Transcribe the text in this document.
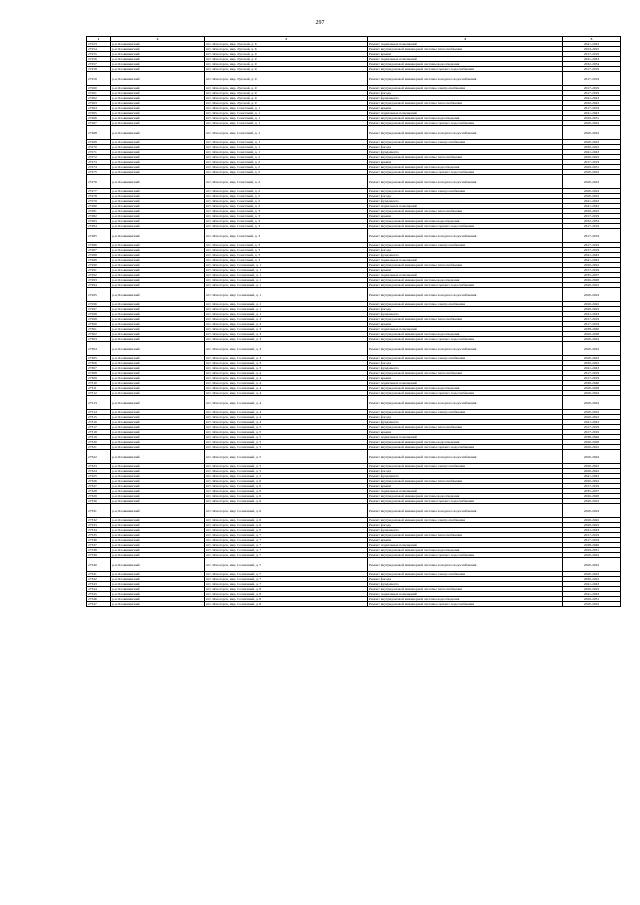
297
1	2	3	4	5
27253	р-н Оловянинский	пгт. Ясногорск, мкр. Луговой, д. 6	Ремонт подвальных помещений	2041-2043
27254	р-н Оловянинский	пгт. Ясногорск, мкр. Луговой, д. 6	Ремонт внутридомовой инженерной системы теплоснабжения	2023-2025
27255	р-н Оловянинский	пгт. Ясногорск, мкр. Луговой, д. 9	Ремонт крыши	2017-2019
27256	р-н Оловянинский	пгт. Ясногорск, мкр. Луговой, д. 9	Ремонт подвальных помещений	2041-2043
27257	р-н Оловянинский	пгт. Ясногорск, мкр. Луговой, д. 9	Ремонт внутридомовой инженерной системы водоотведения	2032-2034
27258	р-н Оловянинский	пгт. Ясногорск, мкр. Луговой, д. 9	Ремонт внутридомовой инженерной системы горячего водоснабжения	2017-2019
27259	р-н Оловянинский	пгт. Ясногорск, мкр. Луговой, д. 9	Ремонт внутридомовой инженерной системы холодного водоснабжения	2017-2019
27260	р-н Оловянинский	пгт. Ясногорск, мкр. Луговой, д. 9	Ремонт внутридомовой инженерной системы электроснабжения	2017-2019
27261	р-н Оловянинский	пгт. Ясногорск, мкр. Луговой, д. 9	Ремонт фасада	2017-2019
27262	р-н Оловянинский	пгт. Ясногорск, мкр. Луговой, д. 9	Ремонт фундамента	2041-2043
27263	р-н Оловянинский	пгт. Ясногорск, мкр. Луговой, д. 9	Ремонт внутридомовой инженерной системы теплоснабжения	2020-2022
27264	р-н Оловянинский	пгт. Ясногорск, мкр. Советский, д. 1	Ремонт крыши	2017-2019
27265	р-н Оловянинский	пгт. Ясногорск, мкр. Советский, д. 1	Ремонт подвальных помещений	2041-2043
27266	р-н Оловянинский	пгт. Ясногорск, мкр. Советский, д. 1	Ремонт внутридомовой инженерной системы водоотведения	2029-2031
27267	р-н Оловянинский	пгт. Ясногорск, мкр. Советский, д. 1	Ремонт внутридомовой инженерной системы горячего водоснабжения	2020-2022
27268	р-н Оловянинский	пгт. Ясногорск, мкр. Советский, д. 1	Ремонт внутридомовой инженерной системы холодного водоснабжения	2020-2022
27269	р-н Оловянинский	пгт. Ясногорск, мкр. Советский, д. 1	Ремонт внутридомовой инженерной системы электроснабжения	2020-2022
27270	р-н Оловянинский	пгт. Ясногорск, мкр. Советский, д. 1	Ремонт фасада	2020-2022
27271	р-н Оловянинский	пгт. Ясногорск, мкр. Советский, д. 1	Ремонт фундамента	2041-2043
27272	р-н Оловянинский	пгт. Ясногорск, мкр. Советский, д. 2	Ремонт внутридомовой инженерной системы теплоснабжения	2020-2022
27273	р-н Оловянинский	пгт. Ясногорск, мкр. Советский, д. 2	Ремонт крыши	2017-2019
27274	р-н Оловянинский	пгт. Ясногорск, мкр. Советский, д. 2	Ремонт внутридомовой инженерной системы водоотведения	2029-2031
27275	р-н Оловянинский	пгт. Ясногорск, мкр. Советский, д. 2	Ремонт внутридомовой инженерной системы горячего водоснабжения	2020-2022
27276	р-н Оловянинский	пгт. Ясногорск, мкр. Советский, д. 2	Ремонт внутридомовой инженерной системы холодного водоснабжения	2020-2022
27277	р-н Оловянинский	пгт. Ясногорск, мкр. Советский, д. 2	Ремонт внутридомовой инженерной системы электроснабжения	2020-2022
27278	р-н Оловянинский	пгт. Ясногорск, мкр. Советский, д. 2	Ремонт фасада	2020-2022
27279	р-н Оловянинский	пгт. Ясногорск, мкр. Советский, д. 2	Ремонт фундамента	2041-2043
27280	р-н Оловянинский	пгт. Ясногорск, мкр. Советский, д. 2	Ремонт подвальных помещений	2041-2043
27281	р-н Оловянинский	пгт. Ясногорск, мкр. Советский, д. 3	Ремонт внутридомовой инженерной системы теплоснабжения	2020-2022
27282	р-н Оловянинский	пгт. Ясногорск, мкр. Советский, д. 3	Ремонт крыши	2017-2019
27283	р-н Оловянинский	пгт. Ясногорск, мкр. Советский, д. 3	Ремонт внутридомовой инженерной системы водоотведения	2032-2034
27284	р-н Оловянинский	пгт. Ясногорск, мкр. Советский, д. 3	Ремонт внутридомовой инженерной системы горячего водоснабжения	2017-2019
27285	р-н Оловянинский	пгт. Ясногорск, мкр. Советский, д. 3	Ремонт внутридомовой инженерной системы холодного водоснабжения	2017-2019
27286	р-н Оловянинский	пгт. Ясногорск, мкр. Советский, д. 3	Ремонт внутридомовой инженерной системы электроснабжения	2017-2019
27287	р-н Оловянинский	пгт. Ясногорск, мкр. Советский, д. 3	Ремонт фасада	2017-2019
27288	р-н Оловянинский	пгт. Ясногорск, мкр. Советский, д. 3	Ремонт фундамента	2041-2043
27289	р-н Оловянинский	пгт. Ясногорск, мкр. Советский, д. 3	Ремонт подвальных помещений	2041-2043
27290	р-н Оловянинский	пгт. Ясногорск, мкр. Солнечный, д. 1	Ремонт внутридомовой инженерной системы теплоснабжения	2020-2022
27291	р-н Оловянинский	пгт. Ясногорск, мкр. Солнечный, д. 1	Ремонт крыши	2017-2019
27292	р-н Оловянинский	пгт. Ясногорск, мкр. Солнечный, д. 1	Ремонт подвальных помещений	2035-2037
27293	р-н Оловянинский	пгт. Ясногорск, мкр. Солнечный, д. 1	Ремонт внутридомовой инженерной системы водоотведения	2026-2028
27294	р-н Оловянинский	пгт. Ясногорск, мкр. Солнечный, д. 1	Ремонт внутридомовой инженерной системы горячего водоснабжения	2020-2022
27295	р-н Оловянинский	пгт. Ясногорск, мкр. Солнечный, д. 1	Ремонт внутридомовой инженерной системы холодного водоснабжения	2020-2022
27296	р-н Оловянинский	пгт. Ясногорск, мкр. Солнечный, д. 1	Ремонт внутридомовой инженерной системы электроснабжения	2020-2022
27297	р-н Оловянинский	пгт. Ясногорск, мкр. Солнечный, д. 1	Ремонт фасада	2020-2022
27298	р-н Оловянинский	пгт. Ясногорск, мкр. Солнечный, д. 1	Ремонт фундамента	2041-2043
27299	р-н Оловянинский	пгт. Ясногорск, мкр. Солнечный, д. 3	Ремонт внутридомовой инженерной системы теплоснабжения	2017-2019
27300	р-н Оловянинский	пгт. Ясногорск, мкр. Солнечный, д. 3	Ремонт крыши	2017-2019
27301	р-н Оловянинский	пгт. Ясногорск, мкр. Солнечный, д. 3	Ремонт подвальных помещений	2038-2040
27302	р-н Оловянинский	пгт. Ясногорск, мкр. Солнечный, д. 3	Ремонт внутридомовой инженерной системы водоотведения	2026-2028
27303	р-н Оловянинский	пгт. Ясногорск, мкр. Солнечный, д. 3	Ремонт внутридомовой инженерной системы горячего водоснабжения	2020-2022
27304	р-н Оловянинский	пгт. Ясногорск, мкр. Солнечный, д. 3	Ремонт внутридомовой инженерной системы холодного водоснабжения	2020-2022
27305	р-н Оловянинский	пгт. Ясногорск, мкр. Солнечный, д. 3	Ремонт внутридомовой инженерной системы электроснабжения	2020-2022
27306	р-н Оловянинский	пгт. Ясногорск, мкр. Солнечный, д. 3	Ремонт фасада	2020-2022
27307	р-н Оловянинский	пгт. Ясногорск, мкр. Солнечный, д. 3	Ремонт фундамента	2041-2043
27308	р-н Оловянинский	пгт. Ясногорск, мкр. Солнечный, д. 4	Ремонт внутридомовой инженерной системы теплоснабжения	2017-2019
27309	р-н Оловянинский	пгт. Ясногорск, мкр. Солнечный, д. 4	Ремонт крыши	2017-2019
27310	р-н Оловянинский	пгт. Ясногорск, мкр. Солнечный, д. 4	Ремонт подвальных помещений	2038-2040
27311	р-н Оловянинский	пгт. Ясногорск, мкр. Солнечный, д. 4	Ремонт внутридомовой инженерной системы водоотведения	2026-2028
27312	р-н Оловянинский	пгт. Ясногорск, мкр. Солнечный, д. 4	Ремонт внутридомовой инженерной системы горячего водоснабжения	2020-2022
27313	р-н Оловянинский	пгт. Ясногорск, мкр. Солнечный, д. 4	Ремонт внутридомовой инженерной системы холодного водоснабжения	2020-2022
27314	р-н Оловянинский	пгт. Ясногорск, мкр. Солнечный, д. 4	Ремонт внутридомовой инженерной системы электроснабжения	2020-2022
27315	р-н Оловянинский	пгт. Ясногорск, мкр. Солнечный, д. 4	Ремонт фасада	2020-2022
27316	р-н Оловянинский	пгт. Ясногорск, мкр. Солнечный, д. 4	Ремонт фундамента	2041-2043
27317	р-н Оловянинский	пгт. Ясногорск, мкр. Солнечный, д. 5	Ремонт внутридомовой инженерной системы теплоснабжения	2017-2019
27318	р-н Оловянинский	пгт. Ясногорск, мкр. Солнечный, д. 5	Ремонт крыши	2017-2019
27319	р-н Оловянинский	пгт. Ясногорск, мкр. Солнечный, д. 5	Ремонт подвальных помещений	2038-2040
27320	р-н Оловянинский	пгт. Ясногорск, мкр. Солнечный, д. 5	Ремонт внутридомовой инженерной системы водоотведения	2026-2028
27321	р-н Оловянинский	пгт. Ясногорск, мкр. Солнечный, д. 5	Ремонт внутридомовой инженерной системы горячего водоснабжения	2020-2022
27322	р-н Оловянинский	пгт. Ясногорск, мкр. Солнечный, д. 5	Ремонт внутридомовой инженерной системы холодного водоснабжения	2020-2022
27323	р-н Оловянинский	пгт. Ясногорск, мкр. Солнечный, д. 5	Ремонт внутридомовой инженерной системы электроснабжения	2020-2022
27324	р-н Оловянинский	пгт. Ясногорск, мкр. Солнечный, д. 5	Ремонт фасада	2020-2022
27325	р-н Оловянинский	пгт. Ясногорск, мкр. Солнечный, д. 5	Ремонт фундамента	2041-2043
27326	р-н Оловянинский	пгт. Ясногорск, мкр. Солнечный, д. 6	Ремонт внутридомовой инженерной системы теплоснабжения	2020-2022
27327	р-н Оловянинский	пгт. Ясногорск, мкр. Солнечный, д. 6	Ремонт крыши	2017-2019
27328	р-н Оловянинский	пгт. Ясногорск, мкр. Солнечный, д. 6	Ремонт подвальных помещений	2035-2037
27329	р-н Оловянинский	пгт. Ясногорск, мкр. Солнечный, д. 6	Ремонт внутридомовой инженерной системы водоотведения	2026-2028
27330	р-н Оловянинский	пгт. Ясногорск, мкр. Солнечный, д. 6	Ремонт внутридомовой инженерной системы горячего водоснабжения	2020-2022
27331	р-н Оловянинский	пгт. Ясногорск, мкр. Солнечный, д. 6	Ремонт внутридомовой инженерной системы холодного водоснабжения	2020-2022
27332	р-н Оловянинский	пгт. Ясногорск, мкр. Солнечный, д. 6	Ремонт внутридомовой инженерной системы электроснабжения	2020-2022
27333	р-н Оловянинский	пгт. Ясногорск, мкр. Солнечный, д. 6	Ремонт фасада	2020-2022
27334	р-н Оловянинский	пгт. Ясногорск, мкр. Солнечный, д. 6	Ремонт фундамента	2041-2043
27335	р-н Оловянинский	пгт. Ясногорск, мкр. Солнечный, д. 7	Ремонт внутридомовой инженерной системы теплоснабжения	2017-2019
27336	р-н Оловянинский	пгт. Ясногорск, мкр. Солнечный, д. 7	Ремонт крыши	2017-2019
27337	р-н Оловянинский	пгт. Ясногорск, мкр. Солнечный, д. 7	Ремонт подвальных помещений	2038-2040
27338	р-н Оловянинский	пгт. Ясногорск, мкр. Солнечный, д. 7	Ремонт внутридомовой инженерной системы водоотведения	2029-2031
27339	р-н Оловянинский	пгт. Ясногорск, мкр. Солнечный, д. 7	Ремонт внутридомовой инженерной системы горячего водоснабжения	2020-2022
27340	р-н Оловянинский	пгт. Ясногорск, мкр. Солнечный, д. 7	Ремонт внутридомовой инженерной системы холодного водоснабжения	2020-2022
27341	р-н Оловянинский	пгт. Ясногорск, мкр. Солнечный, д. 7	Ремонт внутридомовой инженерной системы электроснабжения	2020-2022
27342	р-н Оловянинский	пгт. Ясногорск, мкр. Солнечный, д. 7	Ремонт фасада	2020-2022
27343	р-н Оловянинский	пгт. Ясногорск, мкр. Солнечный, д. 7	Ремонт фундамента	2041-2043
27344	р-н Оловянинский	пгт. Ясногорск, мкр. Солнечный, д. 8	Ремонт внутридомовой инженерной системы теплоснабжения	2020-2022
27345	р-н Оловянинский	пгт. Ясногорск, мкр. Солнечный, д. 8	Ремонт подвальных помещений	2041-2043
27346	р-н Оловянинский	пгт. Ясногорск, мкр. Солнечный, д. 8	Ремонт внутридомовой инженерной системы водоотведения	2029-2031
27347	р-н Оловянинский	пгт. Ясногорск, мкр. Солнечный, д. 8	Ремонт внутридомовой инженерной системы горячего водоснабжения	2020-2022
